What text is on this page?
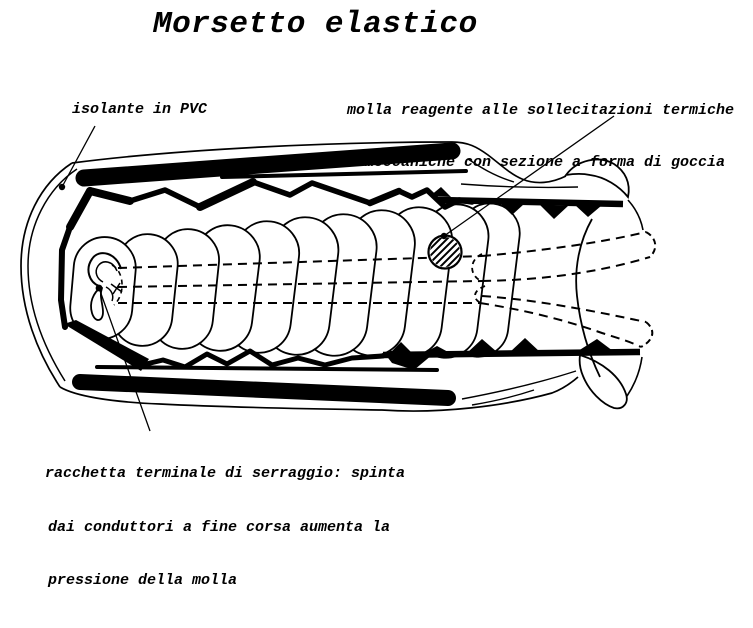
Morsetto elastico
isolante in PVC

	molla reagente alle sollecitazioni termiche

e meccaniche con sezione a forma di goccia

racchetta terminale di serraggio: spinta

dai conduttori a fine corsa aumenta la

pressione della molla
